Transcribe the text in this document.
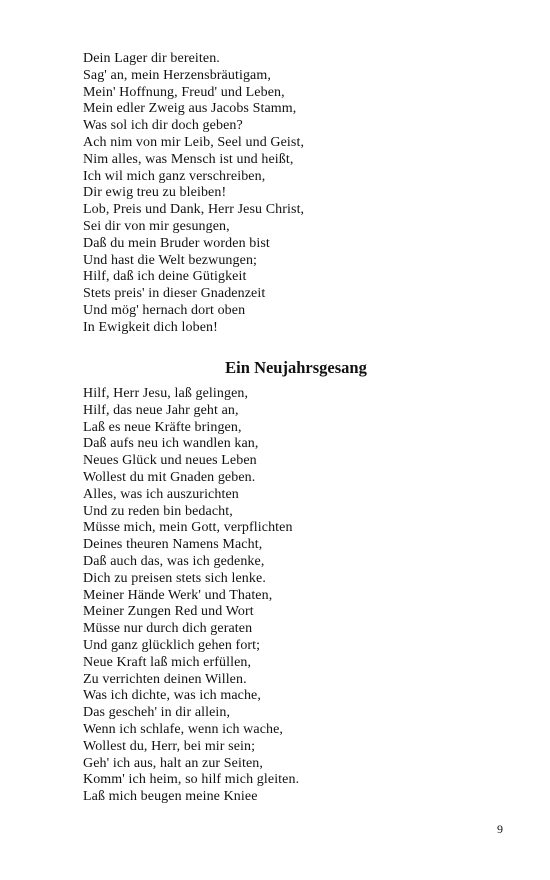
Dein Lager dir bereiten.
Sag' an, mein Herzensbräutigam,
Mein' Hoffnung, Freud' und Leben,
Mein edler Zweig aus Jacobs Stamm,
Was sol ich dir doch geben?
Ach nim von mir Leib, Seel und Geist,
Nim alles, was Mensch ist und heißt,
Ich wil mich ganz verschreiben,
Dir ewig treu zu bleiben!
Lob, Preis und Dank, Herr Jesu Christ,
Sei dir von mir gesungen,
Daß du mein Bruder worden bist
Und hast die Welt bezwungen;
Hilf, daß ich deine Gütigkeit
Stets preis' in dieser Gnadenzeit
Und mög' hernach dort oben
In Ewigkeit dich loben!
Ein Neujahrsgesang
Hilf, Herr Jesu, laß gelingen,
Hilf, das neue Jahr geht an,
Laß es neue Kräfte bringen,
Daß aufs neu ich wandlen kan,
Neues Glück und neues Leben
Wollest du mit Gnaden geben.
Alles, was ich auszurichten
Und zu reden bin bedacht,
Müsse mich, mein Gott, verpflichten
Deines theuren Namens Macht,
Daß auch das, was ich gedenke,
Dich zu preisen stets sich lenke.
Meiner Hände Werk' und Thaten,
Meiner Zungen Red und Wort
Müsse nur durch dich geraten
Und ganz glücklich gehen fort;
Neue Kraft laß mich erfüllen,
Zu verrichten deinen Willen.
Was ich dichte, was ich mache,
Das gescheh' in dir allein,
Wenn ich schlafe, wenn ich wache,
Wollest du, Herr, bei mir sein;
Geh' ich aus, halt an zur Seiten,
Komm' ich heim, so hilf mich gleiten.
Laß mich beugen meine Kniee
9
